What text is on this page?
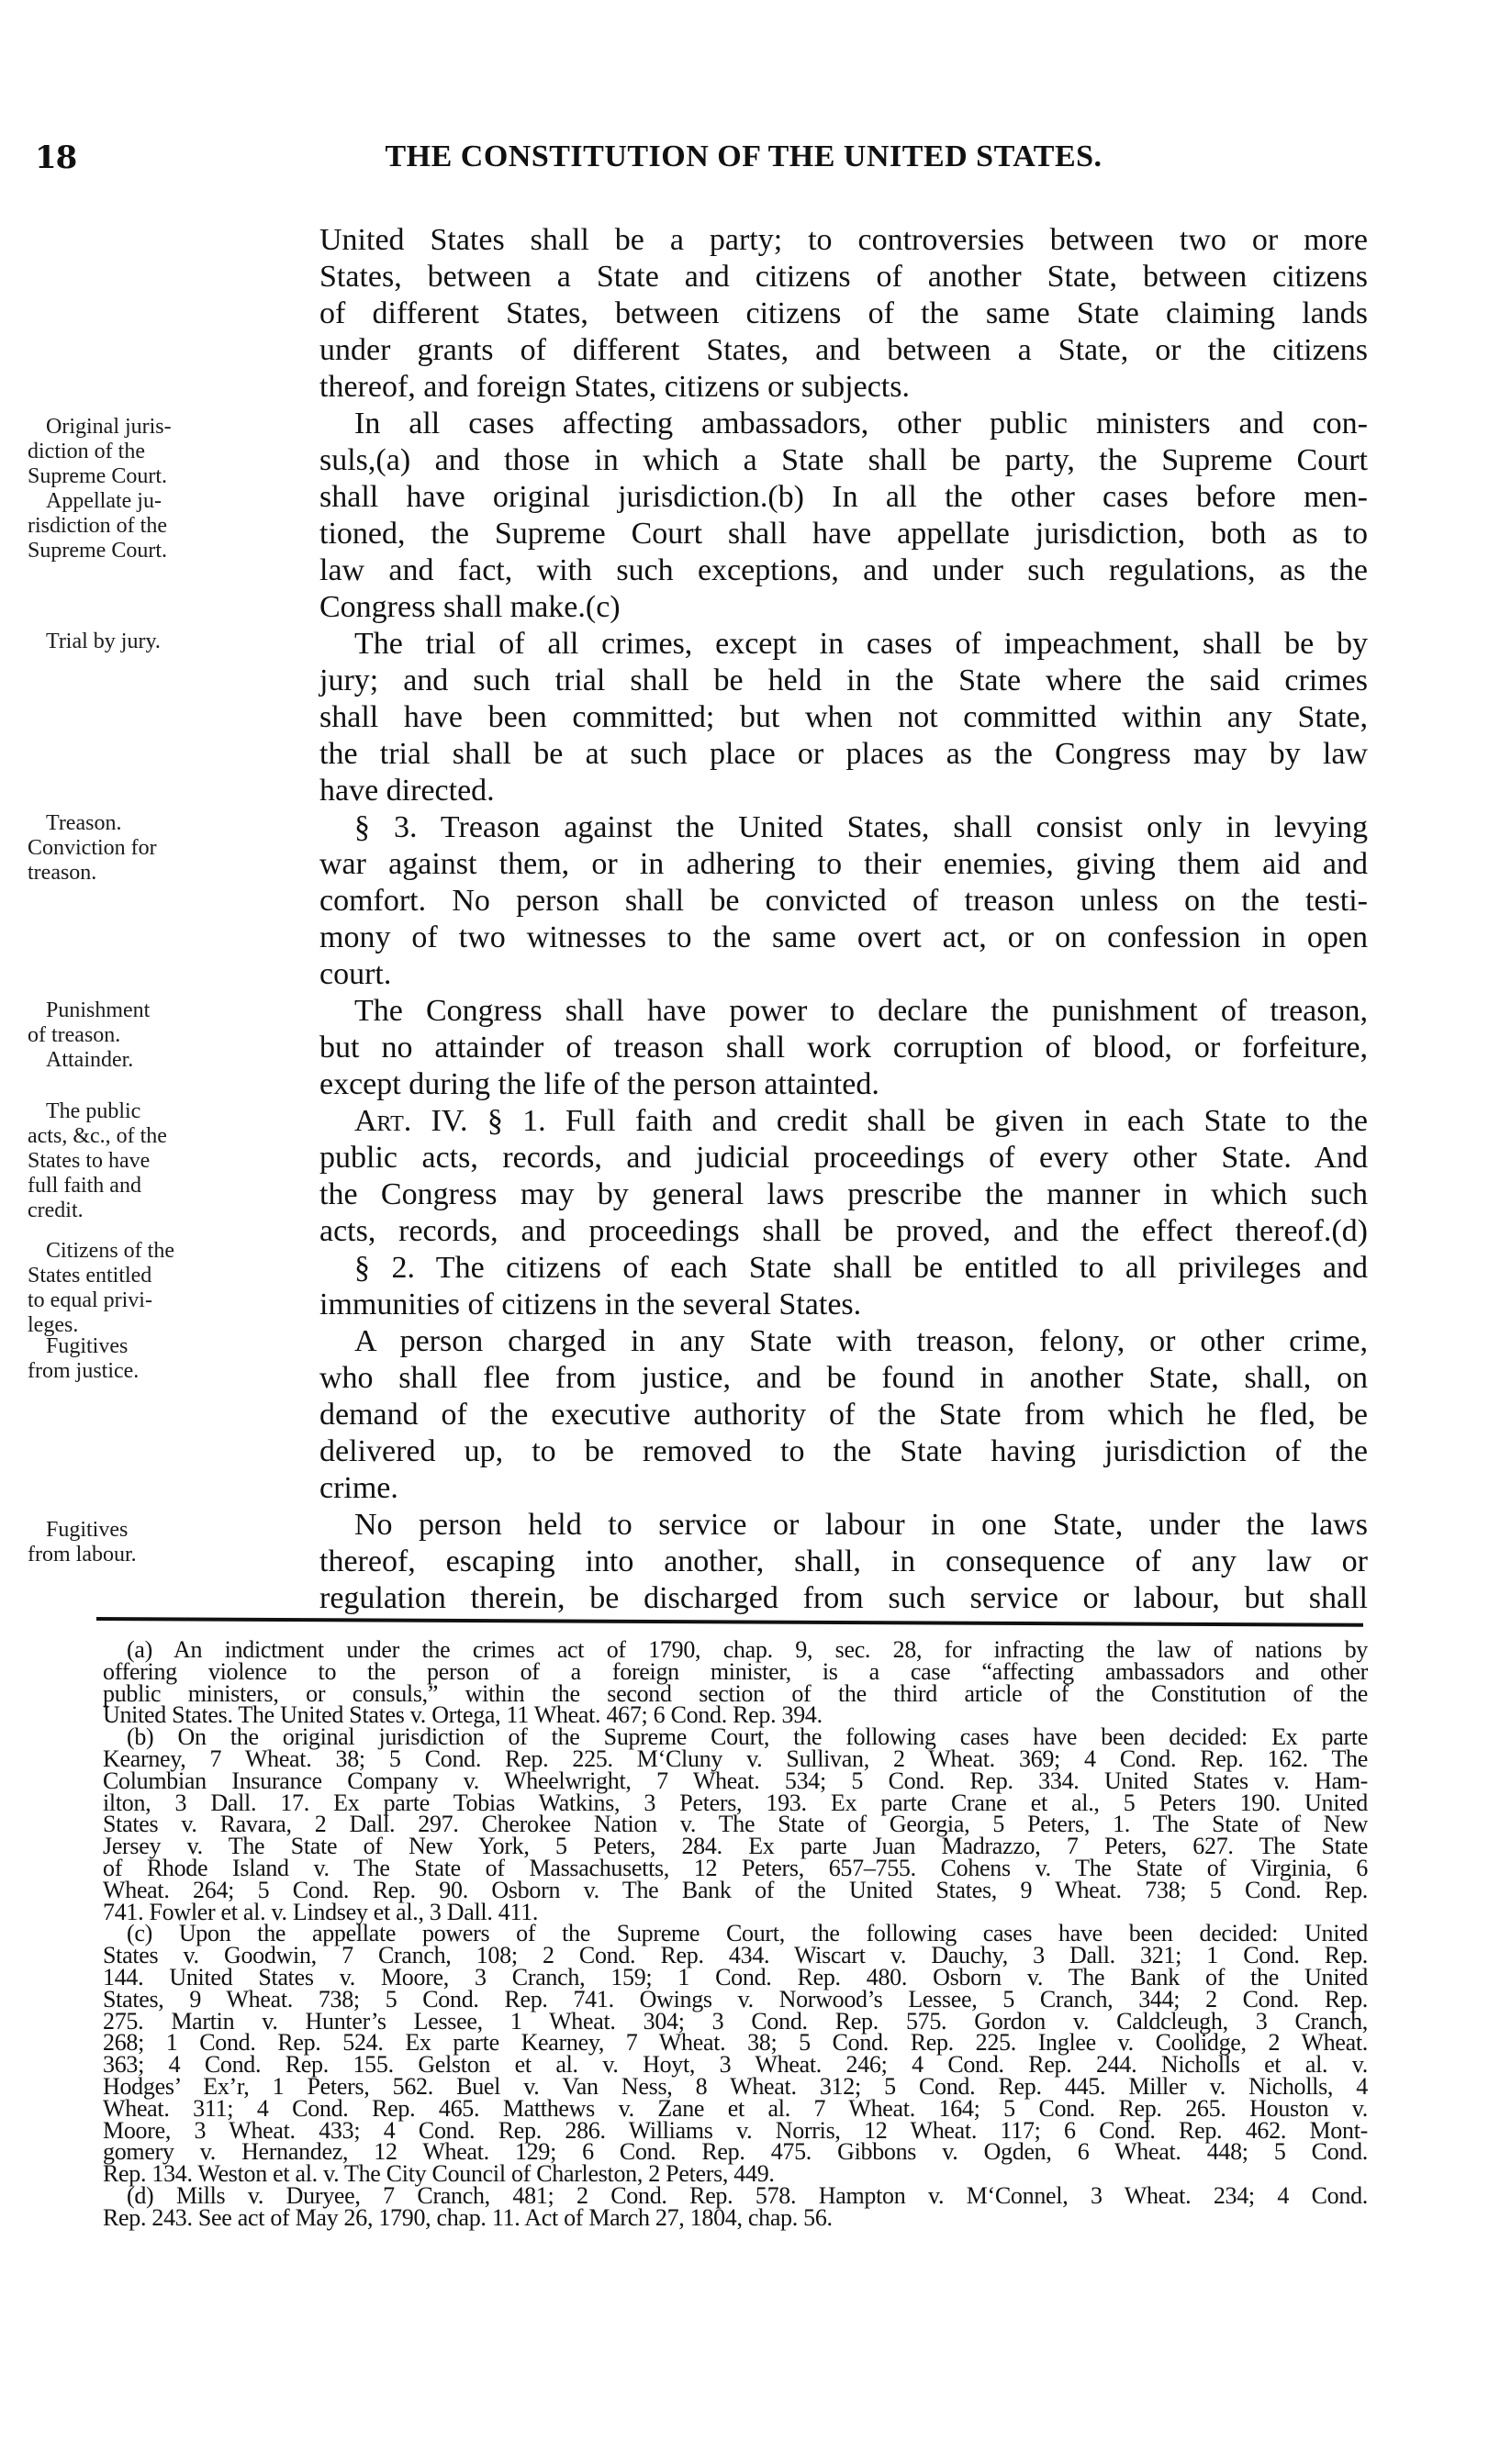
18	THE CONSTITUTION OF THE UNITED STATES.
United States shall be a party; to controversies between two or more
States, between a State and citizens of another State, between citizens
of different States, between citizens of the same State claiming lands
under grants of different States, and between a State, or the citizens
thereof, and foreign States, citizens or subjects.
Original juris-
diction of the
Supreme Court.
Appellate ju-
risdiction of the
Supreme Court.
In all cases affecting ambassadors, other public ministers and con-
suls,(a) and those in which a State shall be party, the Supreme Court
shall have original jurisdiction.(b) In all the other cases before men-
tioned, the Supreme Court shall have appellate jurisdiction, both as to
law and fact, with such exceptions, and under such regulations, as the
Congress shall make.(c)
Trial by jury.	The trial of all crimes, except in cases of impeachment, shall be by
jury; and such trial shall be held in the State where the said crimes
shall have been committed; but when not committed within any State,
the trial shall be at such place or places as the Congress may by law
have directed.
Treason.
Conviction for
treason.
§ 3. Treason against the United States, shall consist only in levying
war against them, or in adhering to their enemies, giving them aid and
comfort. No person shall be convicted of treason unless on the testi-
mony of two witnesses to the same overt act, or on confession in open
court.
Punishment
of treason.
Attainder.
The Congress shall have power to declare the punishment of treason,
but no attainder of treason shall work corruption of blood, or forfeiture,
except during the life of the person attainted.
The public
acts, &c., of the
States to have
full faith and
credit.
Art. IV. § 1. Full faith and credit shall be given in each State to the
public acts, records, and judicial proceedings of every other State. And
the Congress may by general laws prescribe the manner in which such
acts, records, and proceedings shall be proved, and the effect thereof.(d)
Citizens of the
States entitled
to equal privi-
leges.
§ 2. The citizens of each State shall be entitled to all privileges and
immunities of citizens in the several States.
Fugitives
from justice.
A person charged in any State with treason, felony, or other crime,
who shall flee from justice, and be found in another State, shall, on
demand of the executive authority of the State from which he fled, be
delivered up, to be removed to the State having jurisdiction of the
crime.
Fugitives
from labour.
No person held to service or labour in one State, under the laws
thereof, escaping into another, shall, in consequence of any law or
regulation therein, be discharged from such service or labour, but shall
(a) An indictment under the crimes act of 1790, chap. 9, sec. 28, for infracting the law of nations by
offering violence to the person of a foreign minister, is a case “affecting ambassadors and other
public ministers, or consuls,” within the second section of the third article of the Constitution of the
United States. The United States v. Ortega, 11 Wheat. 467; 6 Cond. Rep. 394.
(b) On the original jurisdiction of the Supreme Court, the following cases have been decided: Ex parte
Kearney, 7 Wheat. 38; 5 Cond. Rep. 225. M‘Cluny v. Sullivan, 2 Wheat. 369; 4 Cond. Rep. 162. The
Columbian Insurance Company v. Wheelwright, 7 Wheat. 534; 5 Cond. Rep. 334. United States v. Ham-
ilton, 3 Dall. 17. Ex parte Tobias Watkins, 3 Peters, 193. Ex parte Crane et al., 5 Peters 190. United
States v. Ravara, 2 Dall. 297. Cherokee Nation v. The State of Georgia, 5 Peters, 1. The State of New
Jersey v. The State of New York, 5 Peters, 284. Ex parte Juan Madrazzo, 7 Peters, 627. The State
of Rhode Island v. The State of Massachusetts, 12 Peters, 657–755. Cohens v. The State of Virginia, 6
Wheat. 264; 5 Cond. Rep. 90. Osborn v. The Bank of the United States, 9 Wheat. 738; 5 Cond. Rep.
741. Fowler et al. v. Lindsey et al., 3 Dall. 411.
(c) Upon the appellate powers of the Supreme Court, the following cases have been decided: United
States v. Goodwin, 7 Cranch, 108; 2 Cond. Rep. 434. Wiscart v. Dauchy, 3 Dall. 321; 1 Cond. Rep.
144. United States v. Moore, 3 Cranch, 159; 1 Cond. Rep. 480. Osborn v. The Bank of the United
States, 9 Wheat. 738; 5 Cond. Rep. 741. Owings v. Norwood’s Lessee, 5 Cranch, 344; 2 Cond. Rep.
275. Martin v. Hunter’s Lessee, 1 Wheat. 304; 3 Cond. Rep. 575. Gordon v. Caldcleugh, 3 Cranch,
268; 1 Cond. Rep. 524. Ex parte Kearney, 7 Wheat. 38; 5 Cond. Rep. 225. Inglee v. Coolidge, 2 Wheat.
363; 4 Cond. Rep. 155. Gelston et al. v. Hoyt, 3 Wheat. 246; 4 Cond. Rep. 244. Nicholls et al. v.
Hodges’ Ex’r, 1 Peters, 562. Buel v. Van Ness, 8 Wheat. 312; 5 Cond. Rep. 445. Miller v. Nicholls, 4
Wheat. 311; 4 Cond. Rep. 465. Matthews v. Zane et al. 7 Wheat. 164; 5 Cond. Rep. 265. Houston v.
Moore, 3 Wheat. 433; 4 Cond. Rep. 286. Williams v. Norris, 12 Wheat. 117; 6 Cond. Rep. 462. Mont-
gomery v. Hernandez, 12 Wheat. 129; 6 Cond. Rep. 475. Gibbons v. Ogden, 6 Wheat. 448; 5 Cond.
Rep. 134. Weston et al. v. The City Council of Charleston, 2 Peters, 449.
(d) Mills v. Duryee, 7 Cranch, 481; 2 Cond. Rep. 578. Hampton v. M‘Connel, 3 Wheat. 234; 4 Cond.
Rep. 243. See act of May 26, 1790, chap. 11. Act of March 27, 1804, chap. 56.
